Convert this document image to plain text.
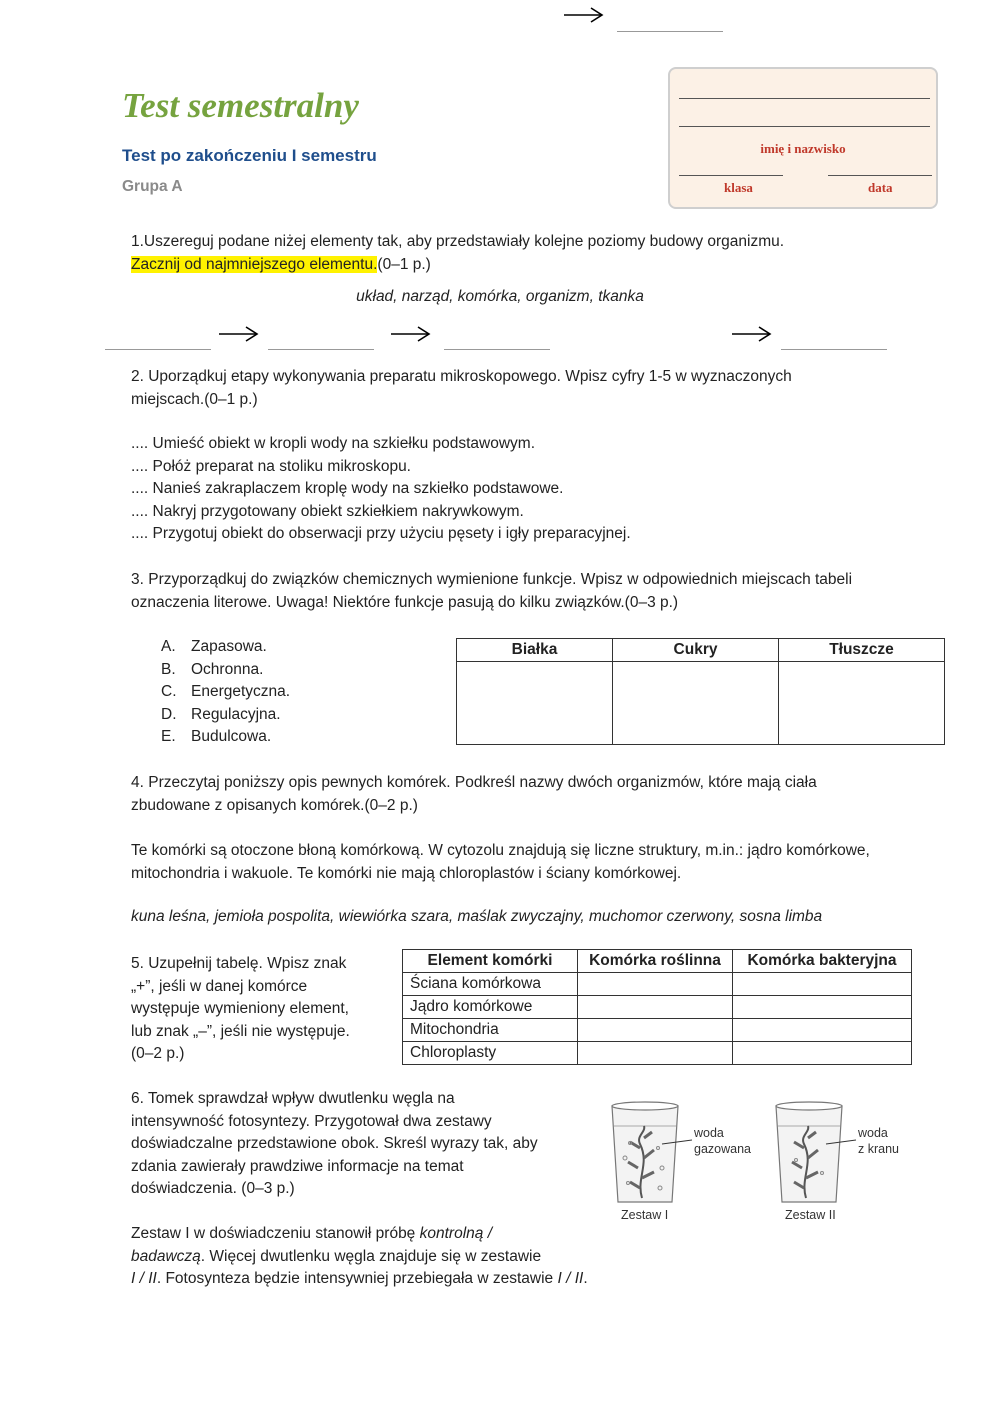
Test semestralny
Test po zakończeniu I semestru
Grupa A
imię i nazwisko
klasa	data
1.Uszereguj podane niżej elementy tak, aby przedstawiały kolejne poziomy budowy organizmu.
Zacznij od najmniejszego elementu.(0–1 p.)
układ, narząd, komórka, organizm, tkanka
2. Uporządkuj etapy wykonywania preparatu mikroskopowego. Wpisz cyfry 1-5 w wyznaczonych
miejscach.(0–1 p.)
.... Umieść obiekt w kropli wody na szkiełku podstawowym.
.... Połóż preparat na stoliku mikroskopu.
.... Nanieś zakraplaczem kroplę wody na szkiełko podstawowe.
.... Nakryj przygotowany obiekt szkiełkiem nakrywkowym.
.... Przygotuj obiekt do obserwacji przy użyciu pęsety i igły preparacyjnej.
3. Przyporządkuj do związków chemicznych wymienione funkcje. Wpisz w odpowiednich miejscach tabeli
oznaczenia literowe. Uwaga! Niektóre funkcje pasują do kilku związków.(0–3 p.)
A. Zapasowa.
B. Ochronna.
C. Energetyczna.
D. Regulacyjna.
E. Budulcowa.
Białka	Cukry	Tłuszcze

4. Przeczytaj poniższy opis pewnych komórek. Podkreśl nazwy dwóch organizmów, które mają ciała
zbudowane z opisanych komórek.(0–2 p.)
Te komórki są otoczone błoną komórkową. W cytozolu znajdują się liczne struktury, m.in.: jądro komórkowe,
mitochondria i wakuole. Te komórki nie mają chloroplastów i ściany komórkowej.
kuna leśna, jemioła pospolita, wiewiórka szara, maślak zwyczajny, muchomor czerwony, sosna limba
5. Uzupełnij tabelę. Wpisz znak
„+”, jeśli w danej komórce
występuje wymieniony element,
lub znak „–”, jeśli nie występuje.
(0–2 p.)
Element komórki	Komórka roślinna	Komórka bakteryjna
Ściana komórkowa		
Jądro komórkowe		
Mitochondria		
Chloroplasty		
6. Tomek sprawdzał wpływ dwutlenku węgla na
intensywność fotosyntezy. Przygotował dwa zestawy
doświadczalne przedstawione obok. Skreśl wyrazy tak, aby
zdania zawierały prawdziwe informacje na temat
doświadczenia. (0–3 p.)
Zestaw I w doświadczeniu stanowił próbę kontrolną /
badawczą. Więcej dwutlenku węgla znajduje się w zestawie
I / II. Fotosynteza będzie intensywniej przebiegała w zestawie I / II.
woda
gazowana
Zestaw I
woda
z kranu
Zestaw II
